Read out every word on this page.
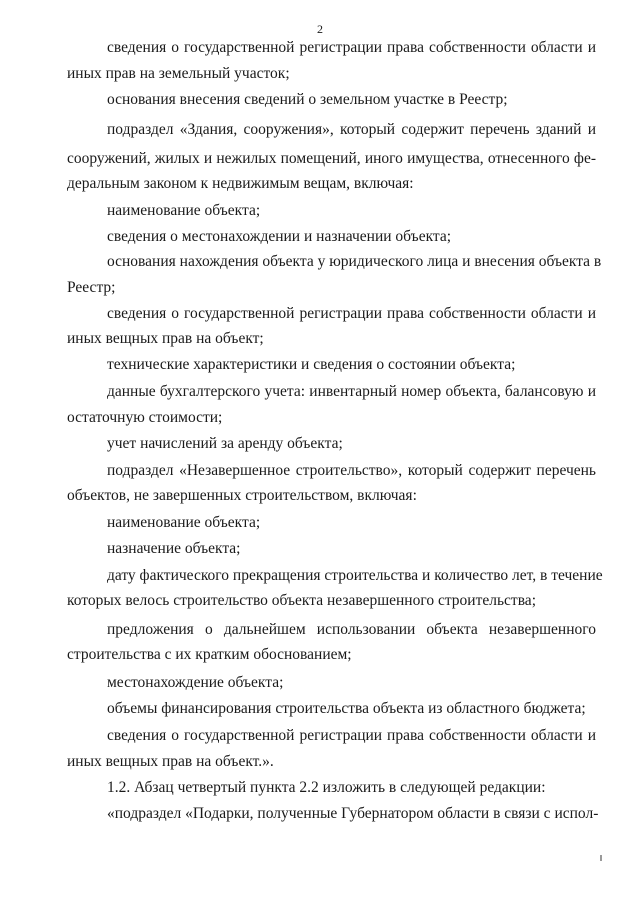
2
сведения о государственной регистрации права собственности области и
иных прав на земельный участок;
основания внесения сведений о земельном участке в Реестр;
подраздел «Здания, сооружения», который содержит перечень зданий и
сооружений, жилых и нежилых помещений, иного имущества, отнесенного фе-
деральным законом к недвижимым вещам, включая:
наименование объекта;
сведения о местонахождении и назначении объекта;
основания нахождения объекта у юридического лица и внесения объекта в
Реестр;
сведения о государственной регистрации права собственности области и
иных вещных прав на объект;
технические характеристики и сведения о состоянии объекта;
данные бухгалтерского учета: инвентарный номер объекта, балансовую и
остаточную стоимости;
учет начислений за аренду объекта;
подраздел «Незавершенное строительство», который содержит перечень
объектов, не завершенных строительством, включая:
наименование объекта;
назначение объекта;
дату фактического прекращения строительства и количество лет, в течение
которых велось строительство объекта незавершенного строительства;
предложения о дальнейшем использовании объекта незавершенного
строительства с их кратким обоснованием;
местонахождение объекта;
объемы финансирования строительства объекта из областного бюджета;
сведения о государственной регистрации права собственности области и
иных вещных прав на объект.».
1.2. Абзац четвертый пункта 2.2 изложить в следующей редакции:
«подраздел «Подарки, полученные Губернатором области в связи с испол-
